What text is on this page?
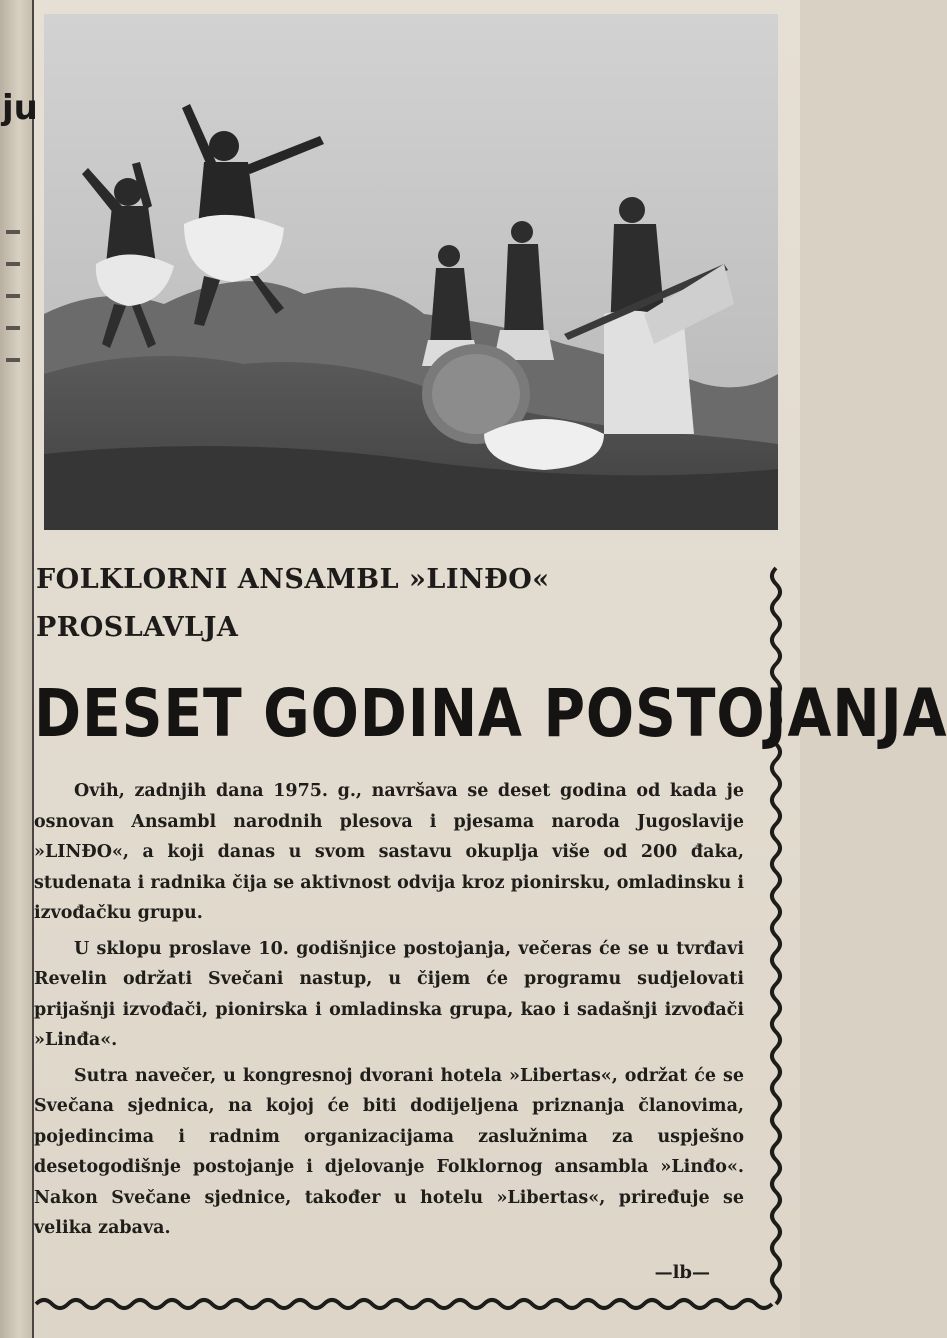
ju
FOLKLORNI ANSAMBL »LINĐO«
PROSLAVLJA
DESET GODINA POSTOJANJA

Ovih, zadnjih dana 1975. g., navršava se deset godina od kada je osnovan Ansambl narodnih plesova i pjesama naroda Jugoslavije »LINĐO«, a koji danas u svom sastavu okuplja više od 200 đaka, studenata i radnika čija se aktivnost odvija kroz pionirsku, omladinsku i izvođačku grupu.

U sklopu proslave 10. godišnjice postojanja, večeras će se u tvrđavi Revelin održati Svečani nastup, u čijem će programu sudjelovati prijašnji izvođači, pionirska i omladinska grupa, kao i sadašnji izvođači »Linđa«.

Sutra navečer, u kongresnoj dvorani hotela »Libertas«, održat će se Svečana sjednica, na kojoj će biti dodijeljena priznanja članovima, pojedincima i radnim organizacijama zaslužnima za uspješno desetogodišnje postojanje i djelovanje Folklornog ansambla »Linđo«. Nakon Svečane sjednice, također u hotelu »Libertas«, priređuje se velika zabava.

—lb—
